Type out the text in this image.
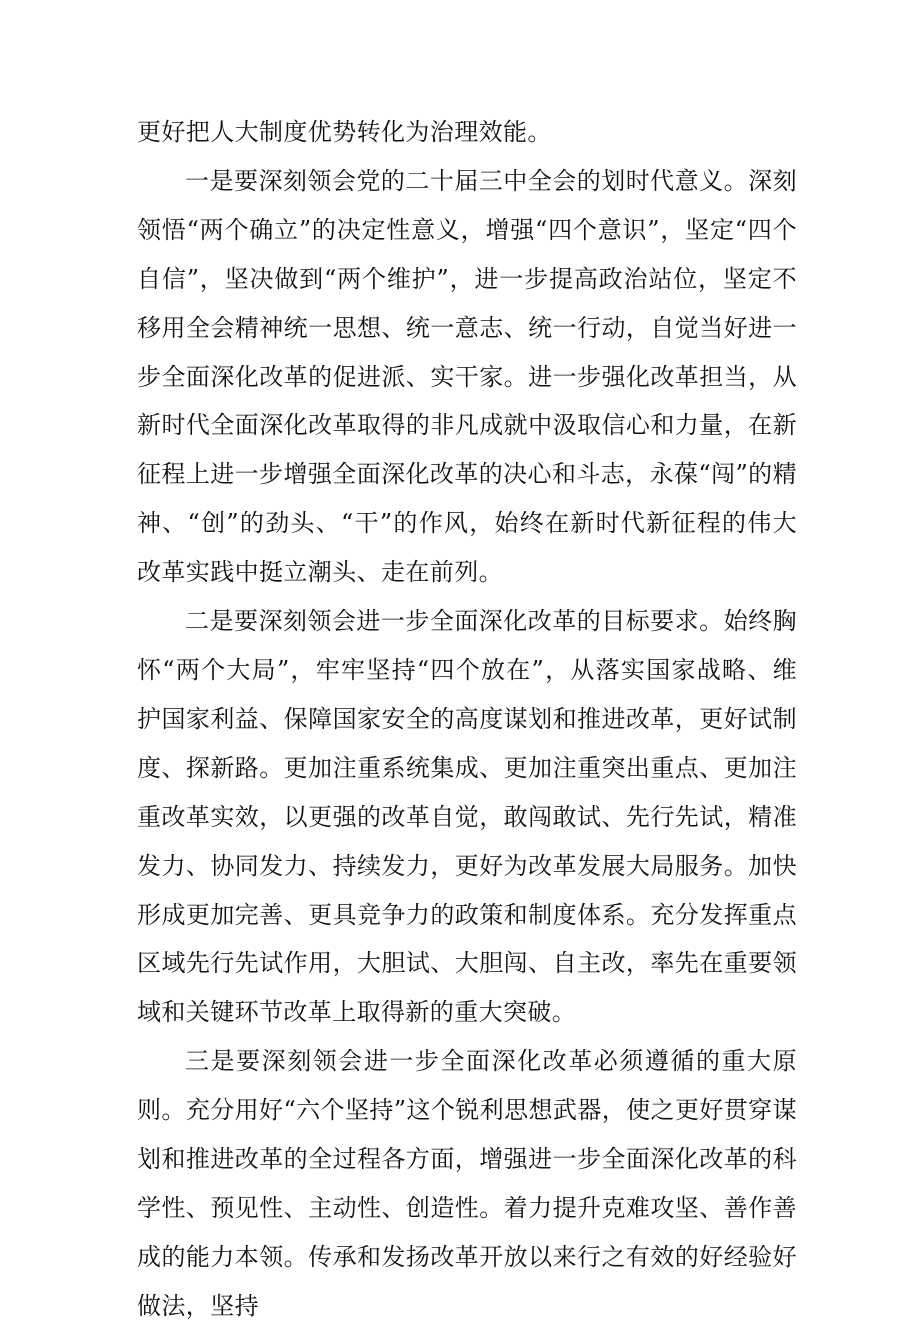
更好把人大制度优势转化为治理效能。

一是要深刻领会党的二十届三中全会的划时代意义。深刻领悟“两个确立”的决定性意义，增强“四个意识”，坚定“四个自信”，坚决做到“两个维护”，进一步提高政治站位，坚定不移用全会精神统一思想、统一意志、统一行动，自觉当好进一步全面深化改革的促进派、实干家。进一步强化改革担当，从新时代全面深化改革取得的非凡成就中汲取信心和力量，在新征程上进一步增强全面深化改革的决心和斗志，永葆“闯”的精神、“创”的劲头、“干”的作风，始终在新时代新征程的伟大改革实践中挺立潮头、走在前列。

二是要深刻领会进一步全面深化改革的目标要求。始终胸怀“两个大局”，牢牢坚持“四个放在”，从落实国家战略、维护国家利益、保障国家安全的高度谋划和推进改革，更好试制度、探新路。更加注重系统集成、更加注重突出重点、更加注重改革实效，以更强的改革自觉，敢闯敢试、先行先试，精准发力、协同发力、持续发力，更好为改革发展大局服务。加快形成更加完善、更具竞争力的政策和制度体系。充分发挥重点区域先行先试作用，大胆试、大胆闯、自主改，率先在重要领域和关键环节改革上取得新的重大突破。

三是要深刻领会进一步全面深化改革必须遵循的重大原则。充分用好“六个坚持”这个锐利思想武器，使之更好贯穿谋划和推进改革的全过程各方面，增强进一步全面深化改革的科学性、预见性、主动性、创造性。着力提升克难攻坚、善作善成的能力本领。传承和发扬改革开放以来行之有效的好经验好做法，坚持
